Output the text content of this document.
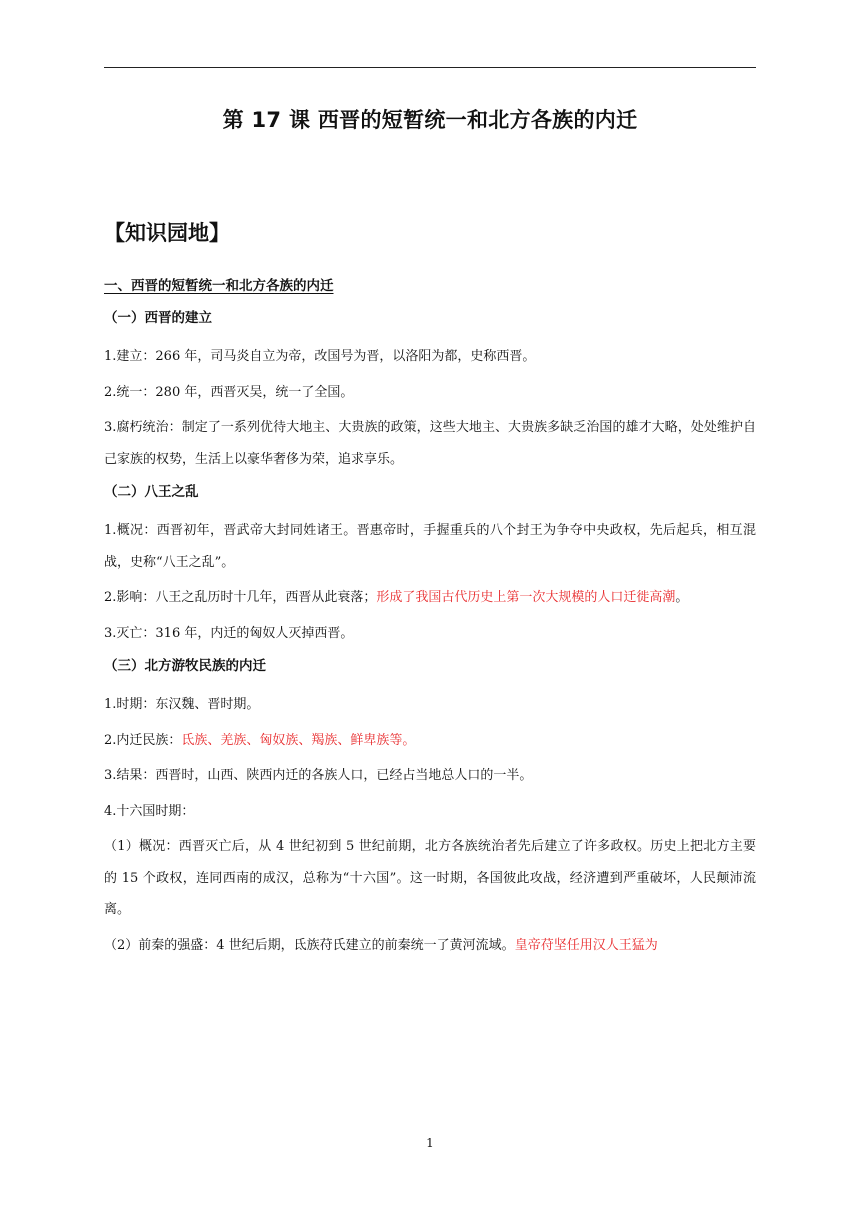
第 17 课 西晋的短暂统一和北方各族的内迁
【知识园地】
一、西晋的短暂统一和北方各族的内迁
（一）西晋的建立
1.建立：266 年，司马炎自立为帝，改国号为晋，以洛阳为都，史称西晋。
2.统一：280 年，西晋灭吴，统一了全国。
3.腐朽统治：制定了一系列优待大地主、大贵族的政策，这些大地主、大贵族多缺乏治国的雄才大略，处处维护自己家族的权势，生活上以豪华奢侈为荣，追求享乐。
（二）八王之乱
1.概况：西晋初年，晋武帝大封同姓诸王。晋惠帝时，手握重兵的八个封王为争夺中央政权，先后起兵，相互混战，史称“八王之乱”。
2.影响：八王之乱历时十几年，西晋从此衰落；形成了我国古代历史上第一次大规模的人口迁徙高潮。
3.灭亡：316 年，内迁的匈奴人灭掉西晋。
（三）北方游牧民族的内迁
1.时期：东汉魏、晋时期。
2.内迁民族：氐族、羌族、匈奴族、羯族、鲜卑族等。
3.结果：西晋时，山西、陕西内迁的各族人口，已经占当地总人口的一半。
4.十六国时期：
（1）概况：西晋灭亡后，从 4 世纪初到 5 世纪前期，北方各族统治者先后建立了许多政权。历史上把北方主要的 15 个政权，连同西南的成汉，总称为“十六国”。这一时期，各国彼此攻战，经济遭到严重破坏，人民颠沛流离。
（2）前秦的强盛：4 世纪后期，氐族苻氏建立的前秦统一了黄河流域。皇帝苻坚任用汉人王猛为
1
